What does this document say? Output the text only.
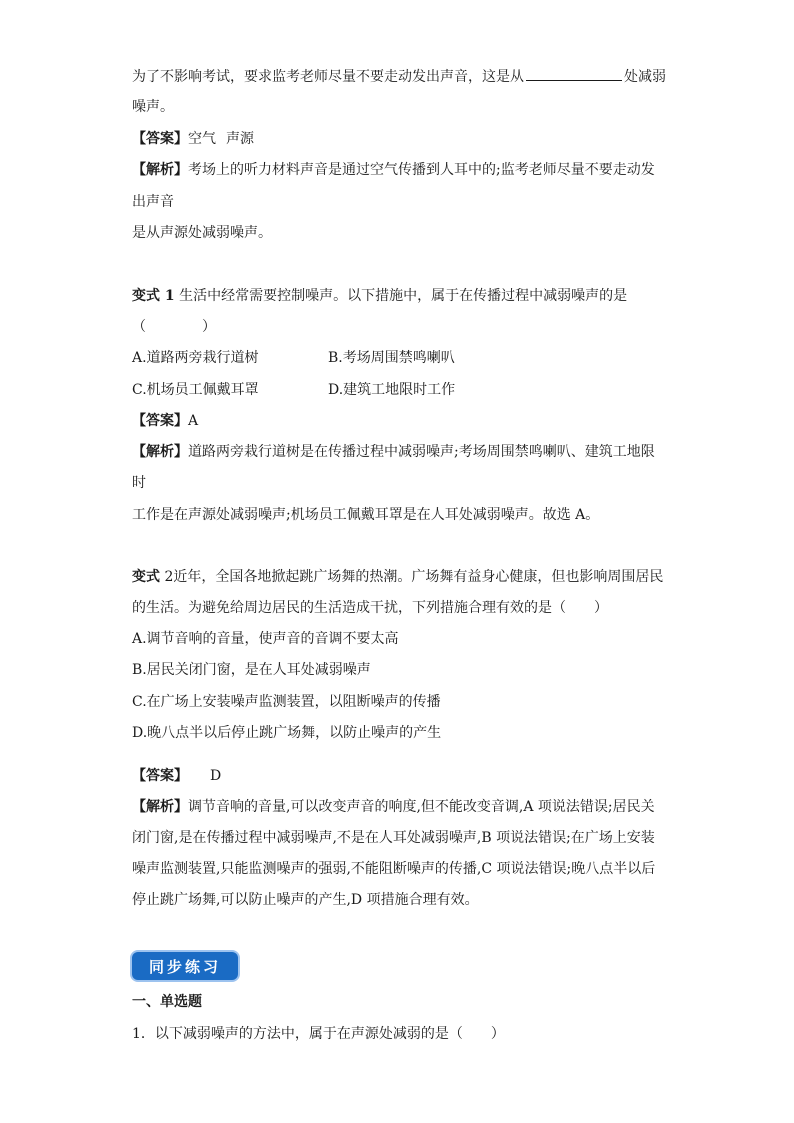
为了不影响考试，要求监考老师尽量不要走动发出声音，这是从	处减弱
噪声。
【答案】空气 声源
【解析】考场上的听力材料声音是通过空气传播到人耳中的;监考老师尽量不要走动发
出声音
是从声源处减弱噪声。
变式 1 生活中经常需要控制噪声。以下措施中，属于在传播过程中减弱噪声的是
（　　　　）
A.道路两旁栽行道树	B.考场周围禁鸣喇叭
C.机场员工佩戴耳罩	D.建筑工地限时工作
【答案】A
【解析】道路两旁栽行道树是在传播过程中减弱噪声;考场周围禁鸣喇叭、建筑工地限
时
工作是在声源处减弱噪声;机场员工佩戴耳罩是在人耳处减弱噪声。故选 A。
变式 2近年，全国各地掀起跳广场舞的热潮。广场舞有益身心健康，但也影响周围居民
的生活。为避免给周边居民的生活造成干扰，下列措施合理有效的是（　　）
A.调节音响的音量，使声音的音调不要太高
B.居民关闭门窗，是在人耳处减弱噪声
C.在广场上安装噪声监测装置，以阻断噪声的传播
D.晚八点半以后停止跳广场舞，以防止噪声的产生
【答案】 D
【解析】调节音响的音量,可以改变声音的响度,但不能改变音调,A 项说法错误;居民关
闭门窗,是在传播过程中减弱噪声,不是在人耳处减弱噪声,B 项说法错误;在广场上安装
噪声监测装置,只能监测噪声的强弱,不能阻断噪声的传播,C 项说法错误;晚八点半以后
停止跳广场舞,可以防止噪声的产生,D 项措施合理有效。
同步练习
一、单选题
1．以下减弱噪声的方法中，属于在声源处减弱的是（　　）
